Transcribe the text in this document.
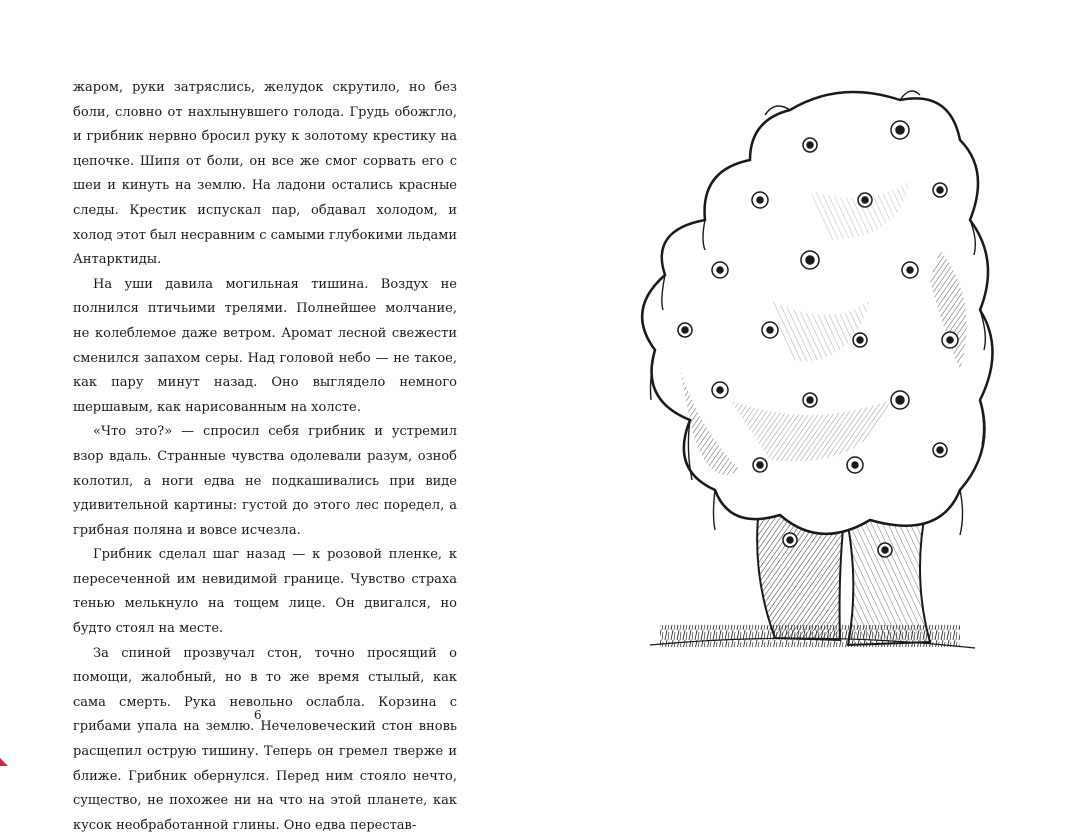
жаром, руки затряслись, желудок скрутило, но без боли, словно от нахлынувшего голода. Грудь обожгло, и грибник нервно бросил руку к золотому крестику на цепочке. Шипя от боли, он все же смог сорвать его с шеи и кинуть на землю. На ладони остались красные следы. Крестик испускал пар, обдавал холодом, и холод этот был несравним с самыми глубокими льдами Антарктиды.

На уши давила могильная тишина. Воздух не полнился птичьими трелями. Полнейшее молчание, не колеблемое даже ветром. Аромат лесной свежести сменился запахом серы. Над головой небо — не такое, как пару минут назад. Оно выглядело немного шершавым, как нарисованным на холсте.

«Что это?» — спросил себя грибник и устремил взор вдаль. Странные чувства одолевали разум, озноб колотил, а ноги едва не подкашивались при виде удивительной картины: густой до этого лес поредел, а грибная поляна и вовсе исчезла.

Грибник сделал шаг назад — к розовой пленке, к пересеченной им невидимой границе. Чувство страха тенью мелькнуло на тощем лице. Он двигался, но будто стоял на месте.

За спиной прозвучал стон, точно просящий о помощи, жалобный, но в то же время стылый, как сама смерть. Рука невольно ослабла. Корзина с грибами упала на землю. Нечеловеческий стон вновь расщепил острую тишину. Теперь он гремел тверже и ближе. Грибник обернулся. Перед ним стояло нечто, существо, не похожее ни на что на этой планете, как кусок необработанной глины. Оно едва перестав-

6
